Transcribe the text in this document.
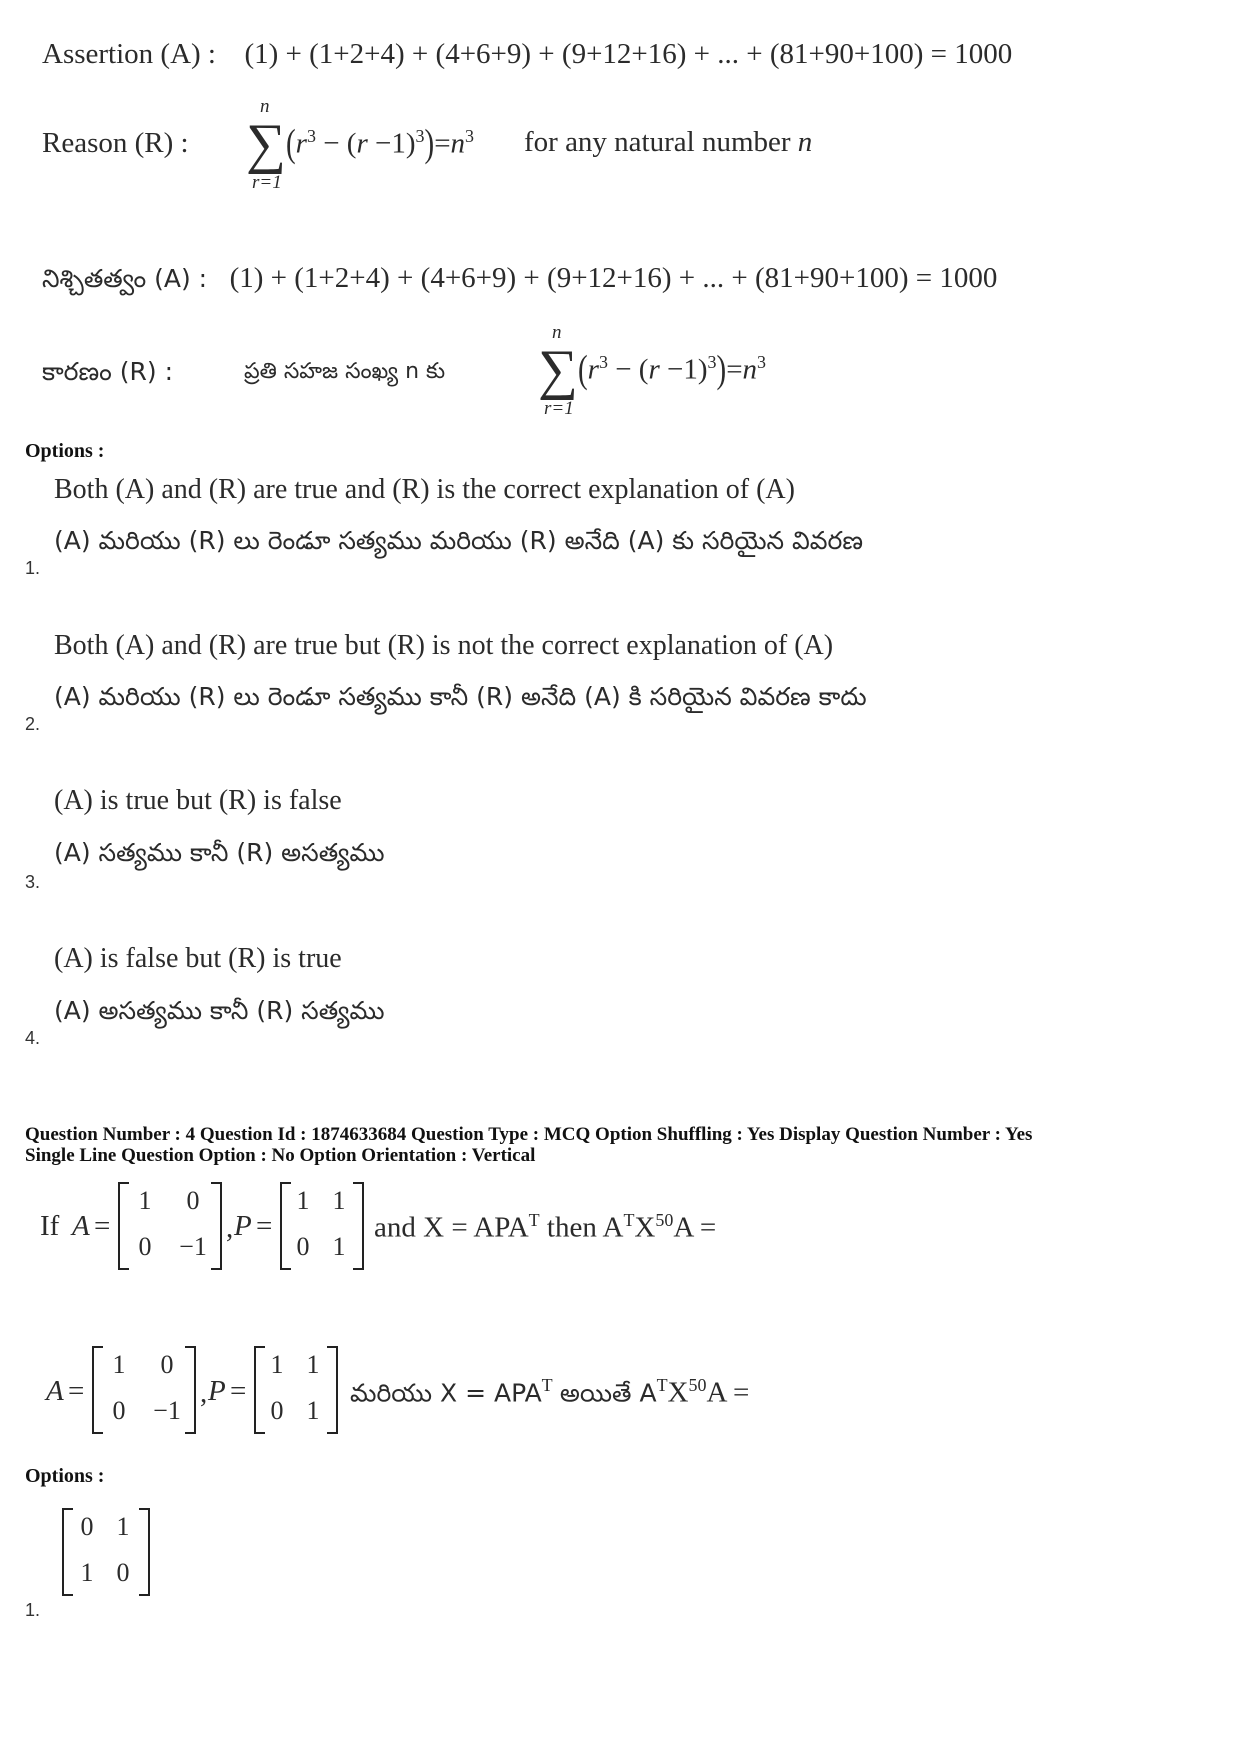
Assertion (A) : (1) + (1+2+4) + (4+6+9) + (9+12+16) + ... + (81+90+100) = 1000
Reason (R) :
n
∑
r=1
$(r^3 - (r -1)^3)=n^3$ for any natural number n
నిశ్చితత్వం (A) : (1) + (1+2+4) + (4+6+9) + (9+12+16) + ... + (81+90+100) = 1000
కారణం (R) :	ప్రతి సహజ సంఖ్య n కు
n
∑
r=1
$(r^3 - (r -1)^3)=n^3$
Options :
Both (A) and (R) are true and (R) is the correct explanation of (A)
(A) మరియు (R) లు రెండూ సత్యము మరియు (R) అనేది (A) కు సరియైన వివరణ
1.
Both (A) and (R) are true but (R) is not the correct explanation of (A)
(A) మరియు (R) లు రెండూ సత్యము కానీ (R) అనేది (A) కి సరియైన వివరణ కాదు
2.
(A) is true but (R) is false
(A) సత్యము కానీ (R) అసత్యము
3.
(A) is false but (R) is true
(A) అసత్యము కానీ (R) సత్యము
4.
Question Number : 4 Question Id : 1874633684 Question Type : MCQ Option Shuffling : Yes Display Question Number : Yes
Single Line Question Option : No Option Orientation : Vertical
If A =
1	0
0	−1
, P =
1 1
0 1
and $X = APA^T$ then $A^TX^{50}A$ =
A =
1	0
0	−1
, P =
1 1
0 1
మరియు $X = APA^T$ అయితే $A^TX^{50}A$ =
Options :
0 1
1 0
1.
